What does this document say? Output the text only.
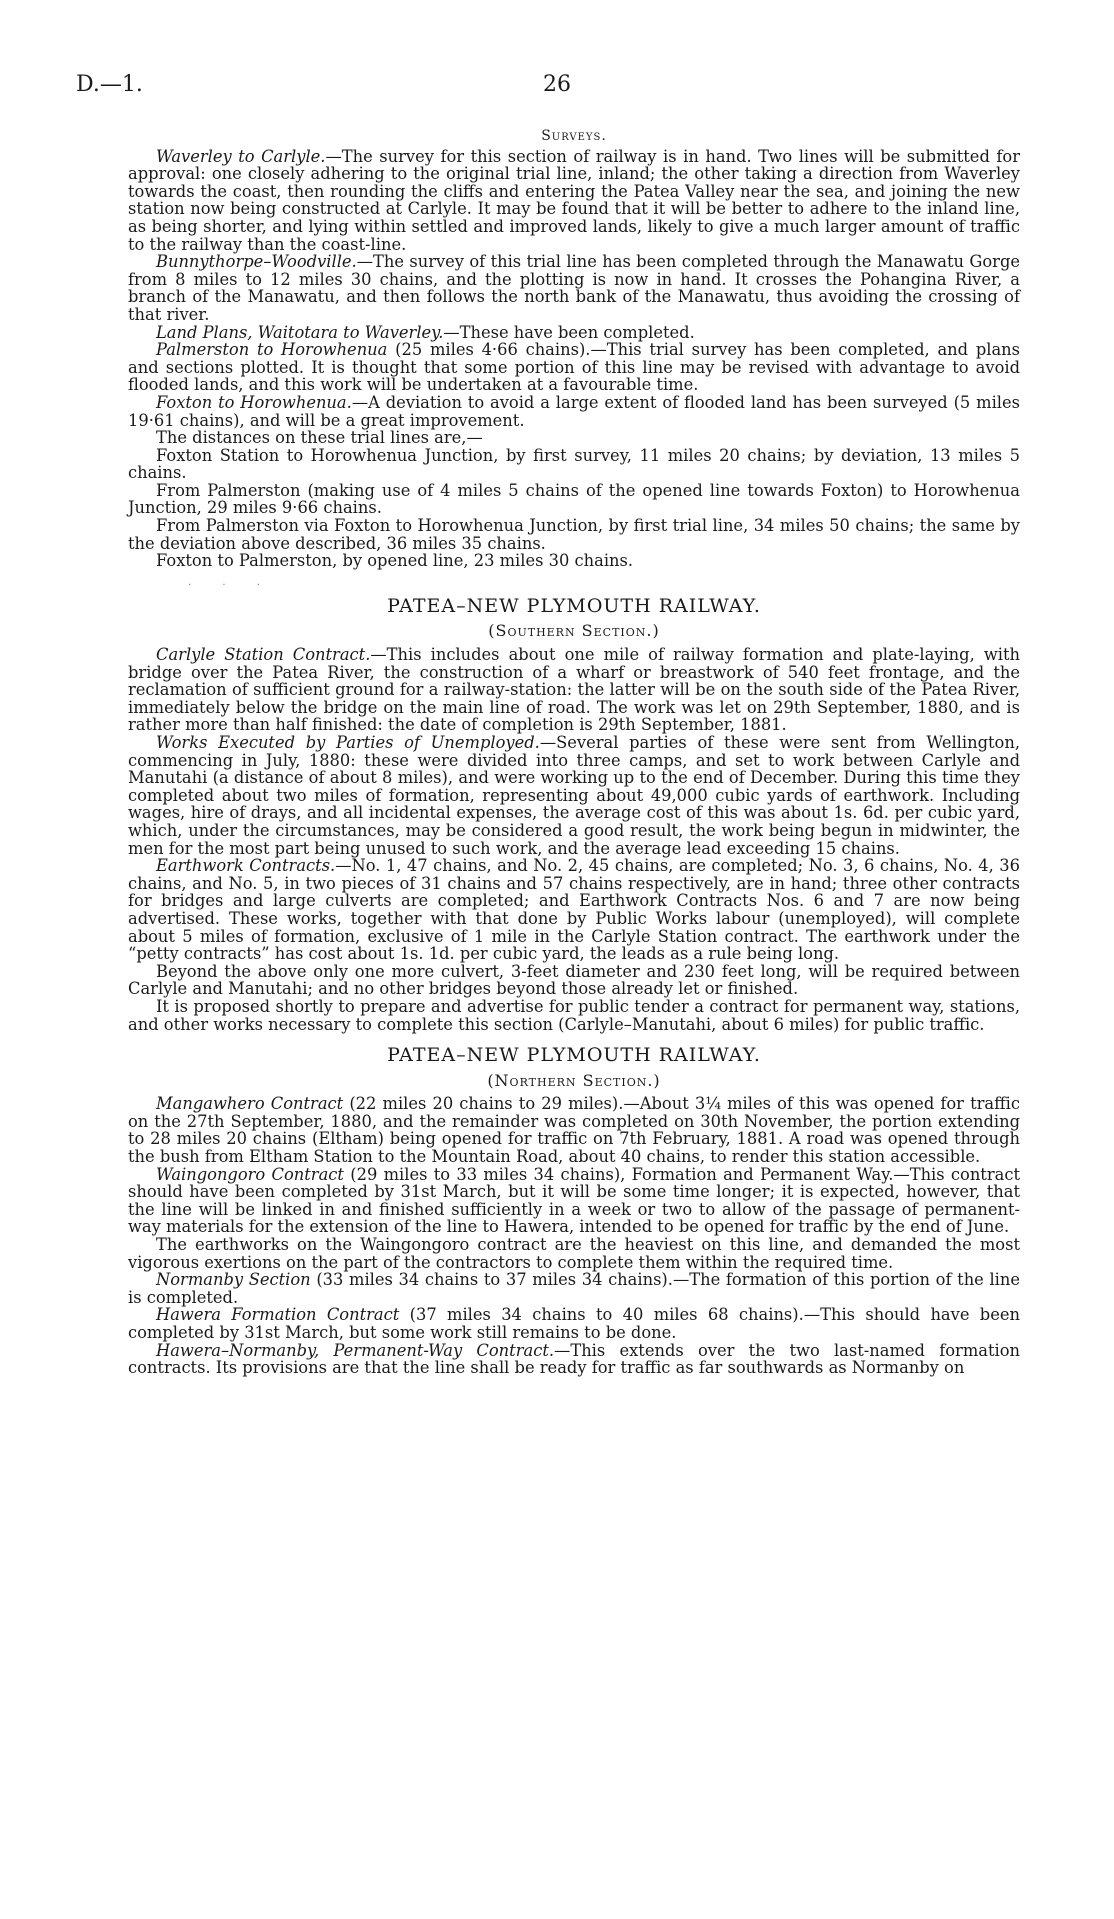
D.—1.	26
Surveys.

Waverley to Carlyle.—The survey for this section of railway is in hand. Two lines will be submitted for approval: one closely adhering to the original trial line, inland; the other taking a direction from Waverley towards the coast, then rounding the cliffs and entering the Patea Valley near the sea, and joining the new station now being constructed at Carlyle. It may be found that it will be better to adhere to the inland line, as being shorter, and lying within settled and improved lands, likely to give a much larger amount of traffic to the railway than the coast-line.

Bunnythorpe–Woodville.—The survey of this trial line has been completed through the Manawatu Gorge from 8 miles to 12 miles 30 chains, and the plotting is now in hand. It crosses the Pohangina River, a branch of the Manawatu, and then follows the north bank of the Manawatu, thus avoiding the crossing of that river.

Land Plans, Waitotara to Waverley.—These have been completed.

Palmerston to Horowhenua (25 miles 4·66 chains).—This trial survey has been completed, and plans and sections plotted. It is thought that some portion of this line may be revised with advantage to avoid flooded lands, and this work will be undertaken at a favourable time.

Foxton to Horowhenua.—A deviation to avoid a large extent of flooded land has been surveyed (5 miles 19·61 chains), and will be a great improvement.

The distances on these trial lines are,—

Foxton Station to Horowhenua Junction, by first survey, 11 miles 20 chains; by deviation, 13 miles 5 chains.

From Palmerston (making use of 4 miles 5 chains of the opened line towards Foxton) to Horowhenua Junction, 29 miles 9·66 chains.

From Palmerston via Foxton to Horowhenua Junction, by first trial line, 34 miles 50 chains; the same by the deviation above described, 36 miles 35 chains.

Foxton to Palmerston, by opened line, 23 miles 30 chains.

. . .
PATEA–NEW PLYMOUTH RAILWAY.
(Southern Section.)

Carlyle Station Contract.—This includes about one mile of railway formation and plate-laying, with bridge over the Patea River, the construction of a wharf or breastwork of 540 feet frontage, and the reclamation of sufficient ground for a railway-station: the latter will be on the south side of the Patea River, immediately below the bridge on the main line of road. The work was let on 29th September, 1880, and is rather more than half finished: the date of completion is 29th September, 1881.

Works Executed by Parties of Unemployed.—Several parties of these were sent from Wellington, commencing in July, 1880: these were divided into three camps, and set to work between Carlyle and Manutahi (a distance of about 8 miles), and were working up to the end of December. During this time they completed about two miles of formation, representing about 49,000 cubic yards of earthwork. Including wages, hire of drays, and all incidental expenses, the average cost of this was about 1s. 6d. per cubic yard, which, under the circumstances, may be considered a good result, the work being begun in midwinter, the men for the most part being unused to such work, and the average lead exceeding 15 chains.

Earthwork Contracts.—No. 1, 47 chains, and No. 2, 45 chains, are completed; No. 3, 6 chains, No. 4, 36 chains, and No. 5, in two pieces of 31 chains and 57 chains respectively, are in hand; three other contracts for bridges and large culverts are completed; and Earthwork Contracts Nos. 6 and 7 are now being advertised. These works, together with that done by Public Works labour (unemployed), will complete about 5 miles of formation, exclusive of 1 mile in the Carlyle Station contract. The earthwork under the “petty contracts” has cost about 1s. 1d. per cubic yard, the leads as a rule being long.

Beyond the above only one more culvert, 3-feet diameter and 230 feet long, will be required between Carlyle and Manutahi; and no other bridges beyond those already let or finished.

It is proposed shortly to prepare and advertise for public tender a contract for permanent way, stations, and other works necessary to complete this section (Carlyle–Manutahi, about 6 miles) for public traffic.

PATEA–NEW PLYMOUTH RAILWAY.
(Northern Section.)

Mangawhero Contract (22 miles 20 chains to 29 miles).—About 3¼ miles of this was opened for traffic on the 27th September, 1880, and the remainder was completed on 30th November, the portion extending to 28 miles 20 chains (Eltham) being opened for traffic on 7th February, 1881. A road was opened through the bush from Eltham Station to the Mountain Road, about 40 chains, to render this station accessible.

Waingongoro Contract (29 miles to 33 miles 34 chains), Formation and Permanent Way.—This contract should have been completed by 31st March, but it will be some time longer; it is expected, however, that the line will be linked in and finished sufficiently in a week or two to allow of the passage of permanent-way materials for the extension of the line to Hawera, intended to be opened for traffic by the end of June.

The earthworks on the Waingongoro contract are the heaviest on this line, and demanded the most vigorous exertions on the part of the contractors to complete them within the required time.

Normanby Section (33 miles 34 chains to 37 miles 34 chains).—The formation of this portion of the line is completed.

Hawera Formation Contract (37 miles 34 chains to 40 miles 68 chains).—This should have been completed by 31st March, but some work still remains to be done.

Hawera–Normanby, Permanent-Way Contract.—This extends over the two last-named formation contracts. Its provisions are that the line shall be ready for traffic as far southwards as Normanby on
